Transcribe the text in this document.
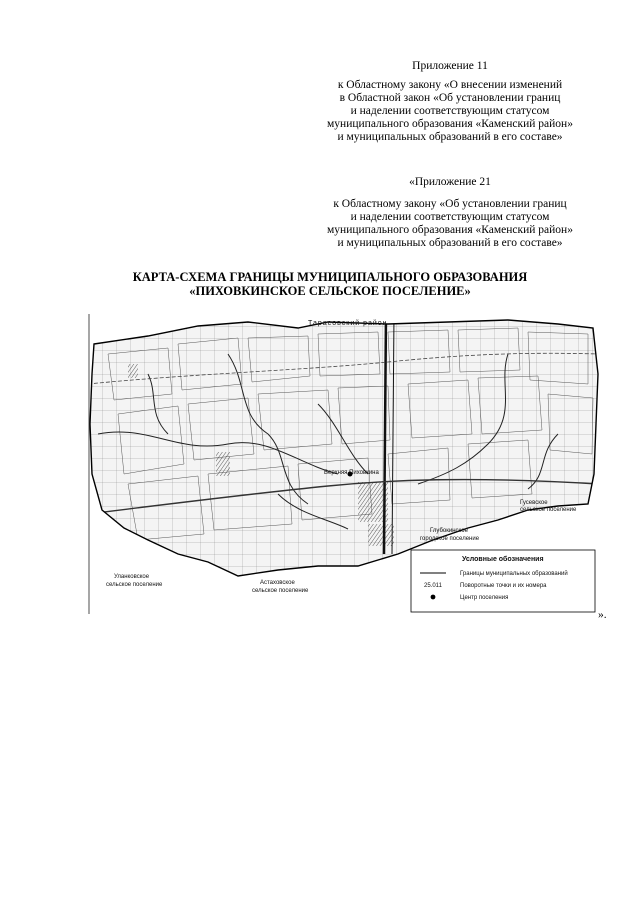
Приложение 11
к Областному закону «О внесении изменений
в Областной закон «Об установлении границ
и наделении соответствующим статусом
муниципального образования «Каменский район»
и муниципальных образований в его составе»
«Приложение 21
к Областному закону «Об установлении границ
и наделении соответствующим статусом
муниципального образования «Каменский район»
и муниципальных образований в его составе»
КАРТА-СХЕМА ГРАНИЦЫ МУНИЦИПАЛЬНОГО ОБРАЗОВАНИЯ
«ПИХОВКИНСКОЕ СЕЛЬСКОЕ ПОСЕЛЕНИЕ»
Тарасовский район
Верхняя Пиховкина
Гусевское
сельское поселение
Глубокинское
городское поселение
Уланковское
сельское поселение	Астаховское
сельское поселение
Условные обозначения
Границы муниципальных образований
25.011	Поворотные точки и их номера
Центр поселения
».
